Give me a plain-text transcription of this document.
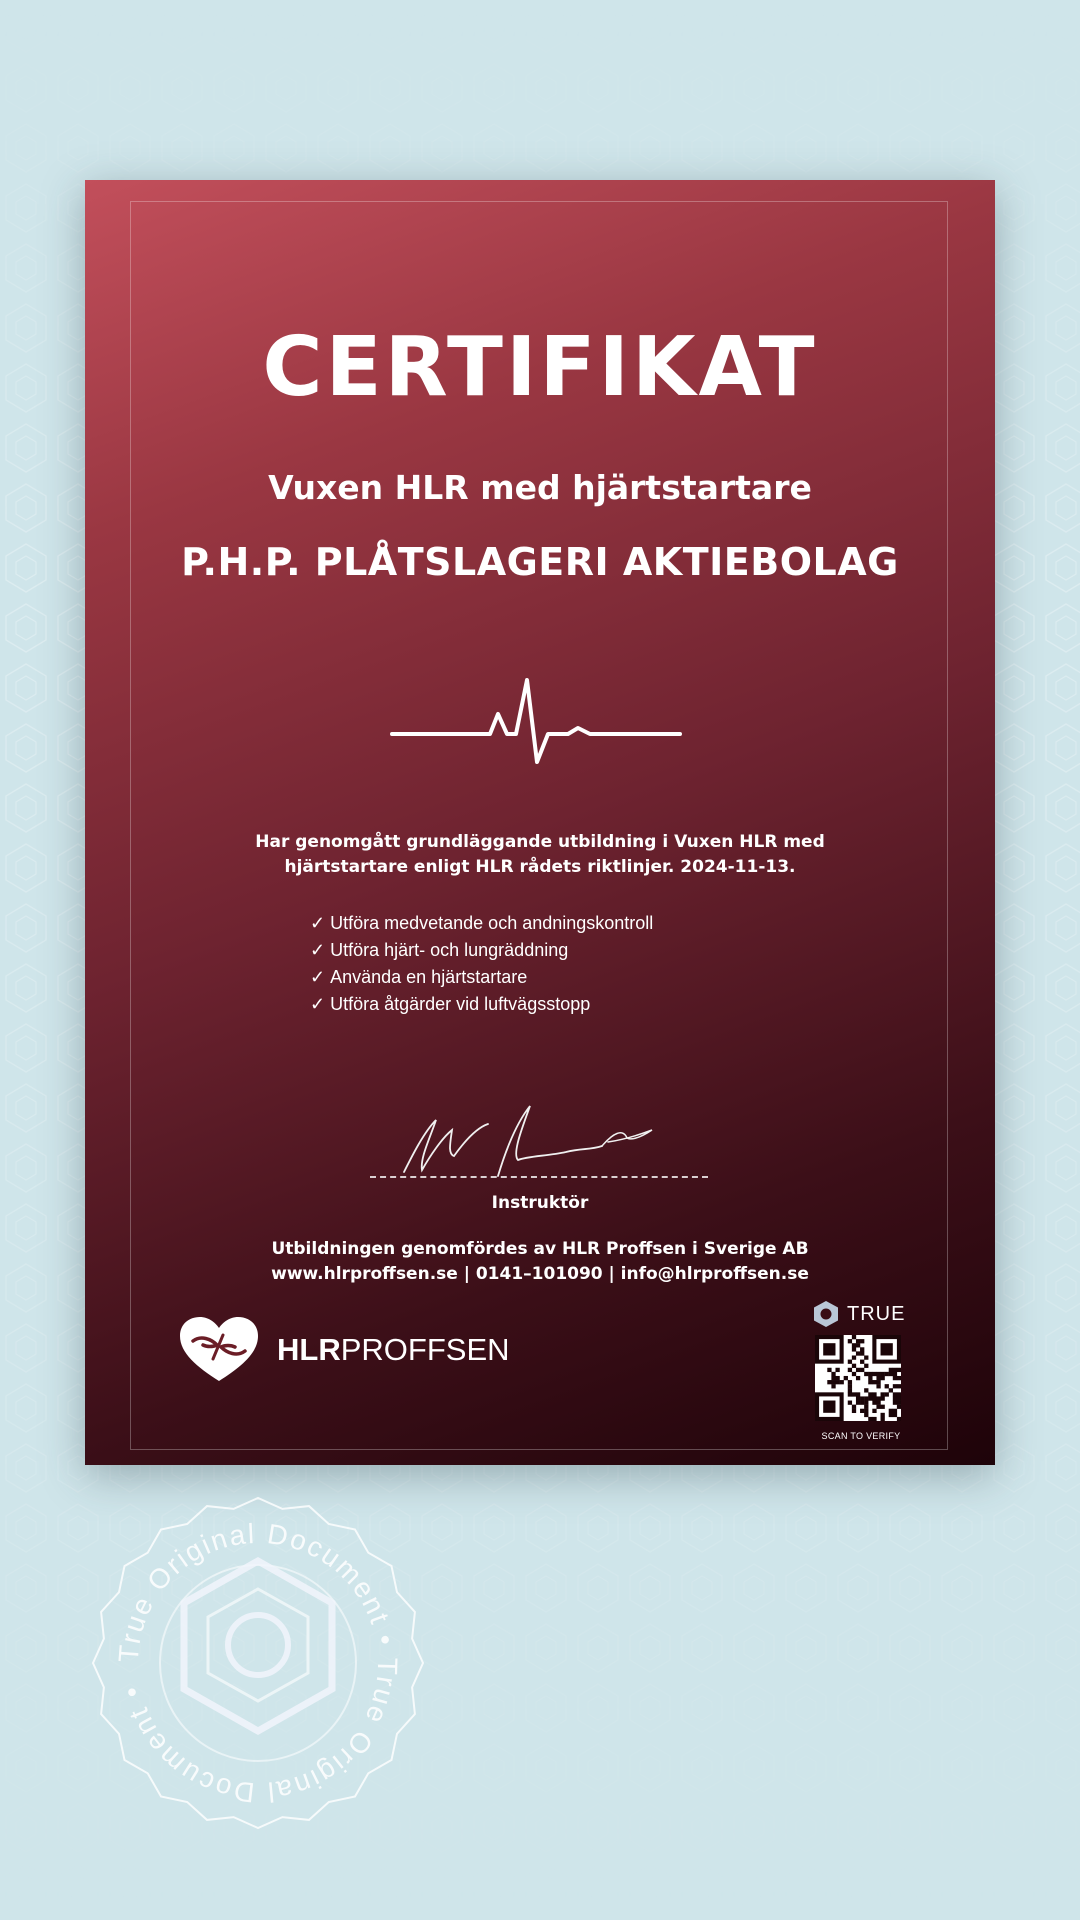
CERTIFIKAT
Vuxen HLR med hjärtstartare
P.H.P. PLÅTSLAGERI AKTIEBOLAG
Har genomgått grundläggande utbildning i Vuxen HLR med hjärtstartare enligt HLR rådets riktlinjer. 2024-11-13.
✓ Utföra medvetande och andningskontroll
✓ Utföra hjärt- och lungräddning
✓ Använda en hjärtstartare
✓ Utföra åtgärder vid luftvägsstopp
Instruktör
Utbildningen genomfördes av HLR Proffsen i Sverige AB
www.hlrproffsen.se | 0141–101090 | info@hlrproffsen.se
HLRPROFFSEN
TRUE
SCAN TO VERIFY
True Original Document • True Original Document •
